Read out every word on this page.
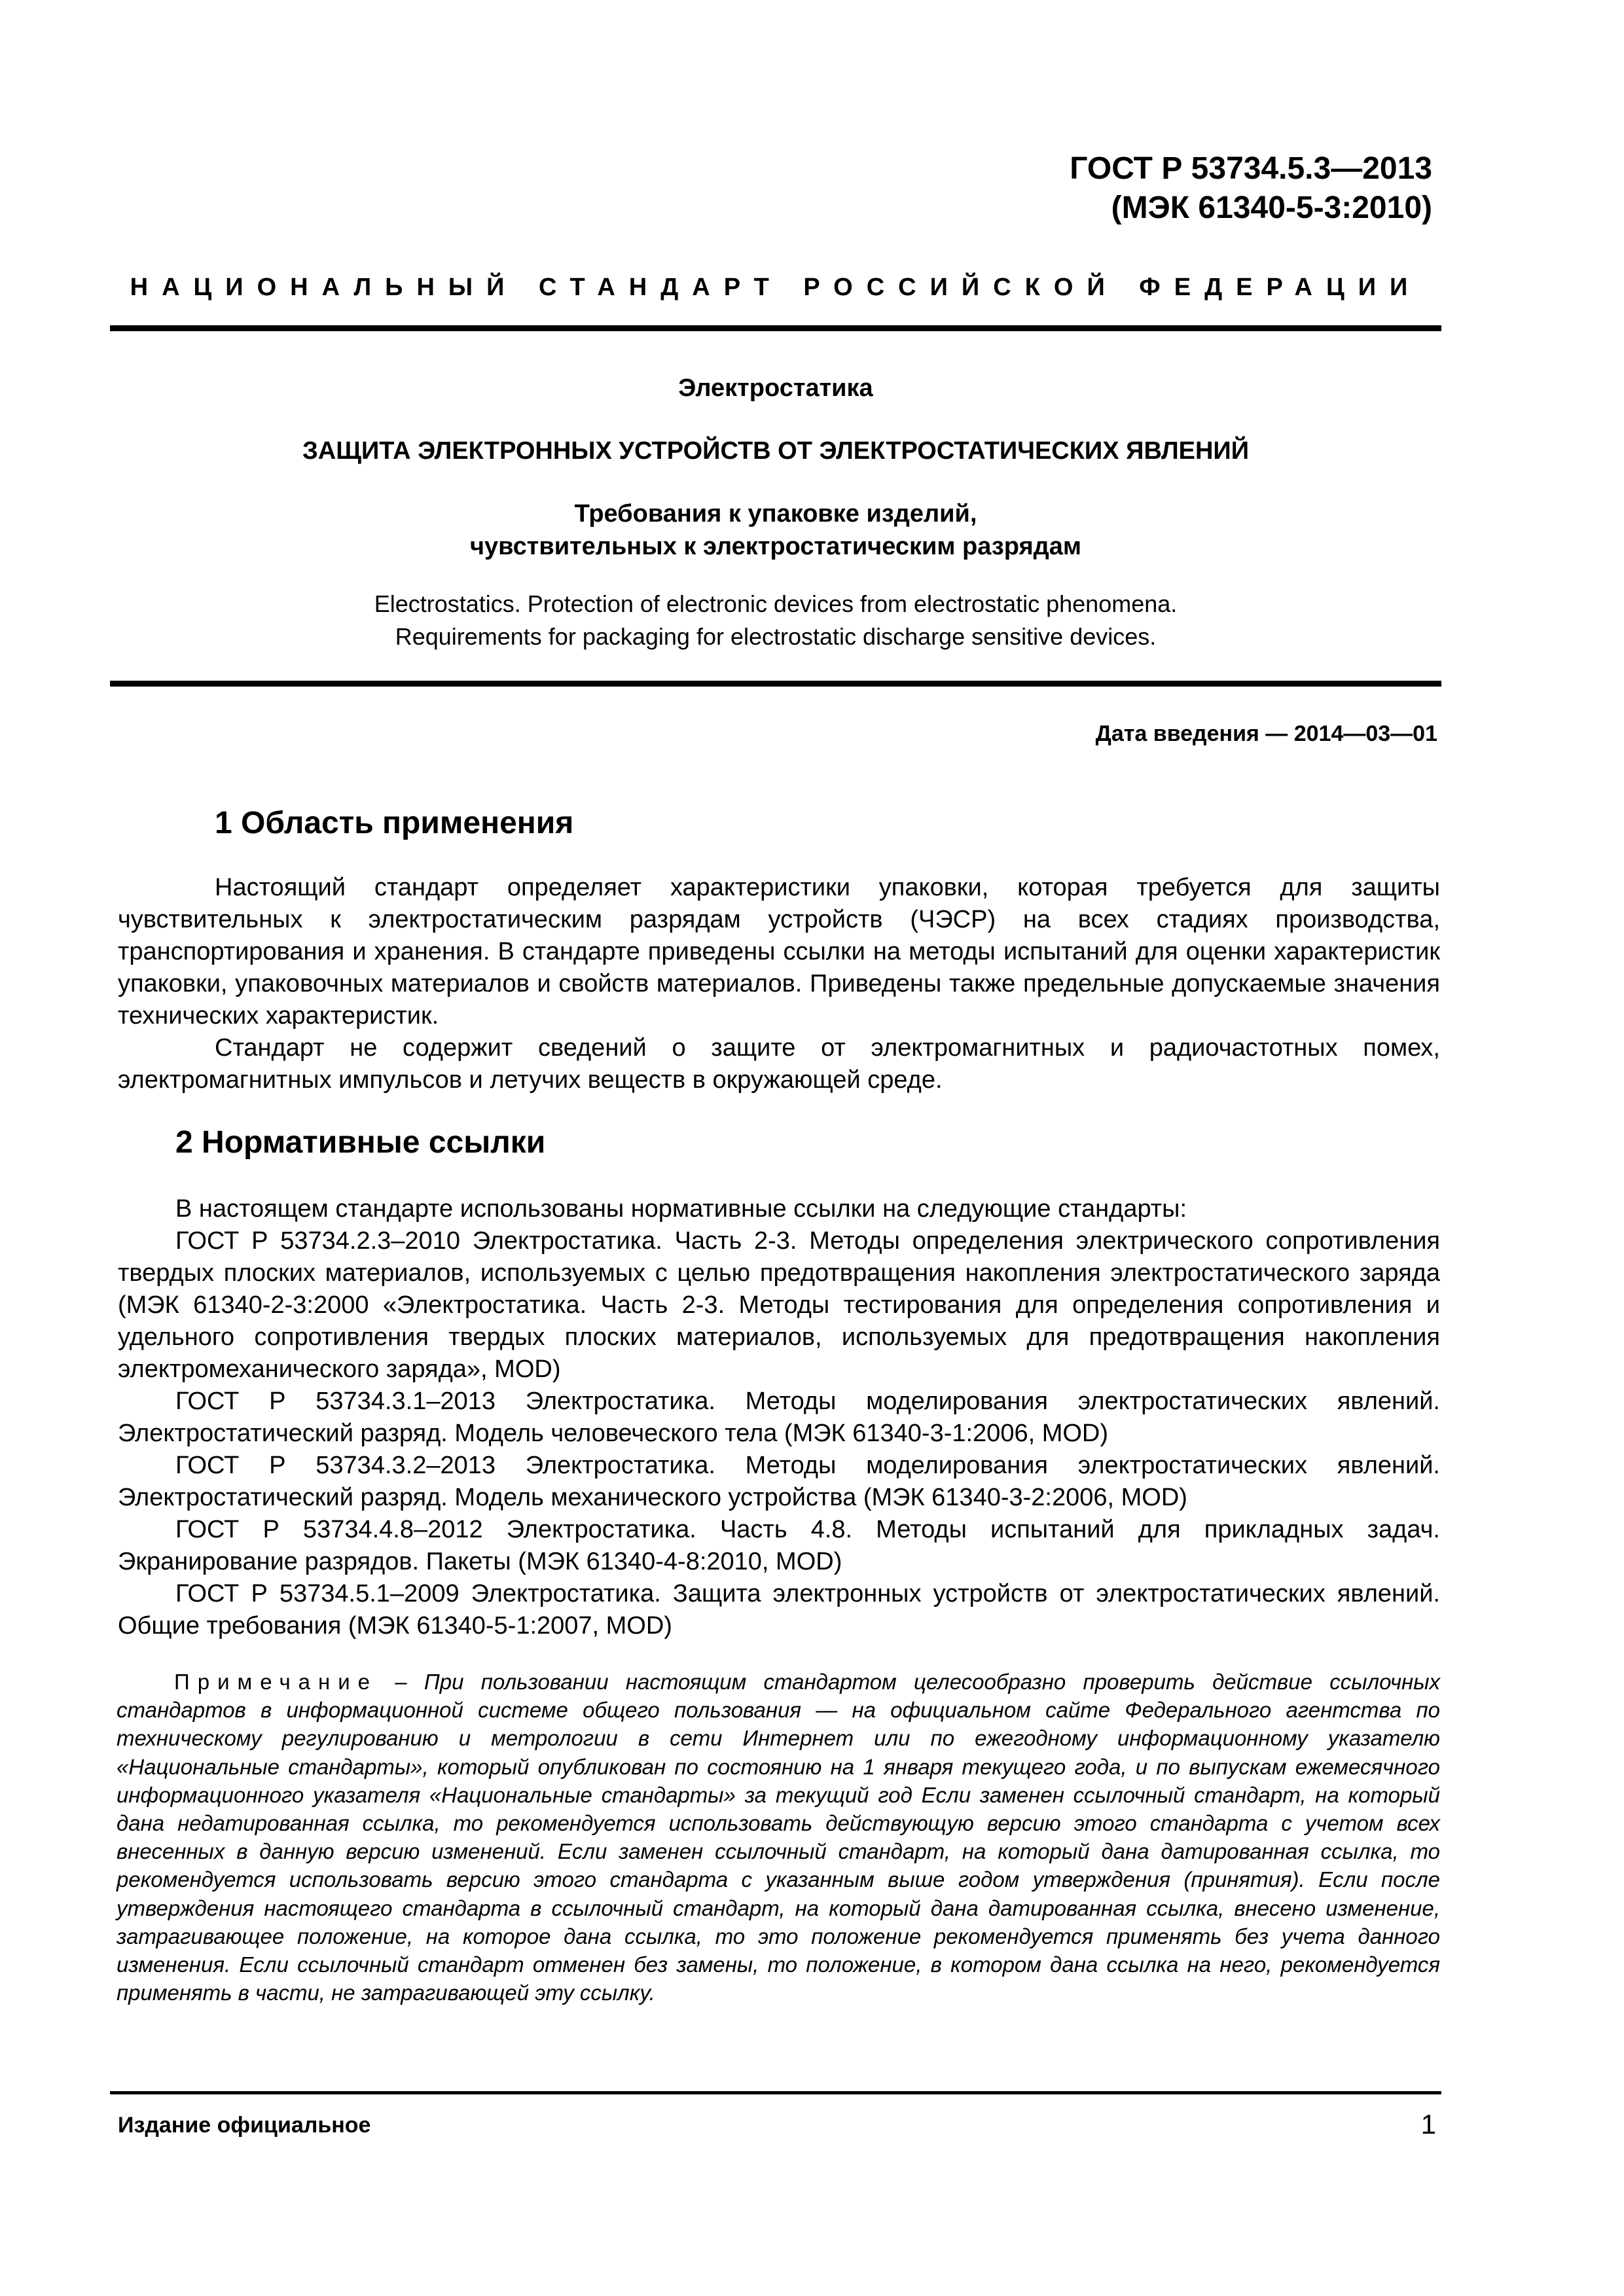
ГОСТ Р 53734.5.3—2013
(МЭК 61340-5-3:2010)
НАЦИОНАЛЬНЫЙ СТАНДАРТ РОССИЙСКОЙ ФЕДЕРАЦИИ
Электростатика
ЗАЩИТА ЭЛЕКТРОННЫХ УСТРОЙСТВ ОТ ЭЛЕКТРОСТАТИЧЕСКИХ ЯВЛЕНИЙ
Требования к упаковке изделий,
чувствительных к электростатическим разрядам
Electrostatics. Protection of electronic devices from electrostatic phenomena.
Requirements for packaging for electrostatic discharge sensitive devices.
Дата введения — 2014—03—01
1 Область применения

Настоящий стандарт определяет характеристики упаковки, которая требуется для защиты чувствительных к электростатическим разрядам устройств (ЧЭСР) на всех стадиях производства, транспортирования и хранения. В стандарте приведены ссылки на методы испытаний для оценки характеристик упаковки, упаковочных материалов и свойств материалов. Приведены также предельные допускаемые значения технических характеристик.

Стандарт не содержит сведений о защите от электромагнитных и радиочастотных помех, электромагнитных импульсов и летучих веществ в окружающей среде.

2 Нормативные ссылки

В настоящем стандарте использованы нормативные ссылки на следующие стандарты:

ГОСТ Р 53734.2.3–2010 Электростатика. Часть 2-3. Методы определения электрического сопротивления твердых плоских материалов, используемых с целью предотвращения накопления электростатического заряда (МЭК 61340-2-3:2000 «Электростатика. Часть 2-3. Методы тестирования для определения сопротивления и удельного сопротивления твердых плоских материалов, используемых для предотвращения накопления электромеханического заряда», MOD)

ГОСТ Р 53734.3.1–2013 Электростатика. Методы моделирования электростатических явлений. Электростатический разряд. Модель человеческого тела (МЭК 61340-3-1:2006, MOD)

ГОСТ Р 53734.3.2–2013 Электростатика. Методы моделирования электростатических явлений. Электростатический разряд. Модель механического устройства (МЭК 61340-3-2:2006, MOD)

ГОСТ Р 53734.4.8–2012 Электростатика. Часть 4.8. Методы испытаний для прикладных задач. Экранирование разрядов. Пакеты (МЭК 61340-4-8:2010, MOD)

ГОСТ Р 53734.5.1–2009 Электростатика. Защита электронных устройств от электростатических явлений. Общие требования (МЭК 61340-5-1:2007, MOD)

Примечание – При пользовании настоящим стандартом целесообразно проверить действие ссылочных стандартов в информационной системе общего пользования — на официальном сайте Федерального агентства по техническому регулированию и метрологии в сети Интернет или по ежегодному информационному указателю «Национальные стандарты», который опубликован по состоянию на 1 января текущего года, и по выпускам ежемесячного информационного указателя «Национальные стандарты» за текущий год Если заменен ссылочный стандарт, на который дана недатированная ссылка, то рекомендуется использовать действующую версию этого стандарта с учетом всех внесенных в данную версию изменений. Если заменен ссылочный стандарт, на который дана датированная ссылка, то рекомендуется использовать версию этого стандарта с указанным выше годом утверждения (принятия). Если после утверждения настоящего стандарта в ссылочный стандарт, на который дана датированная ссылка, внесено изменение, затрагивающее положение, на которое дана ссылка, то это положение рекомендуется применять без учета данного изменения. Если ссылочный стандарт отменен без замены, то положение, в котором дана ссылка на него, рекомендуется применять в части, не затрагивающей эту ссылку.

Издание официальное	1
